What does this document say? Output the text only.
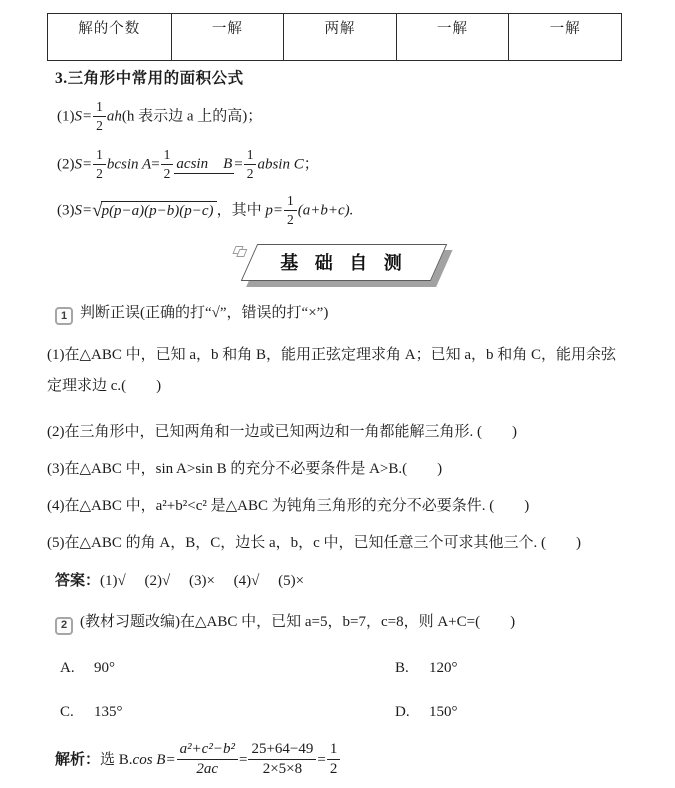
解的个数	一解	两解	一解	一解
3.三角形中常用的面积公式
$(1)S= \frac{1}{2} ah(h$ 表示边 a 上的高)；
$(2)S= \frac{1}{2}$ bcsin $A= \frac{1}{2}$ acsin　$B = \frac{1}{2}$ absin C；
(3)S=√p(p−a)(p−b)(p−c) ，其中 $p= \frac{1}{2} (a+b+c)$.
基 础 自 测
1 判断正误(正确的打“√”，错误的打“×”)

(1)在△ABC 中，已知 a，b 和角 B，能用正弦定理求角 A；已知 a，b 和角 C，能用余弦定理求边 c.(　　)

(2)在三角形中，已知两角和一边或已知两边和一角都能解三角形. (　　)

(3)在△ABC 中，sin A>sin B 的充分不必要条件是 A>B.(　　)

(4)在△ABC 中，a²+b²<c² 是△ABC 为钝角三角形的充分不必要条件. (　　)

(5)在△ABC 的角 A，B，C，边长 a，b，c 中，已知任意三个可求其他三个. (　　)

答案：(1)√　 (2)√　 (3)×　 (4)√　 (5)×

2 (教材习题改编)在△ABC 中，已知 a=5，b=7，c=8，则 A+C=(　　)
A. 90°	B. 120°
C. 135°	D. 150°
解析：选 B.cos $B= \frac{\text{a²+c²−b²}}{2ac} = \frac{25+64-49}{2\times 5\times 8} = \frac{1}{2}$
